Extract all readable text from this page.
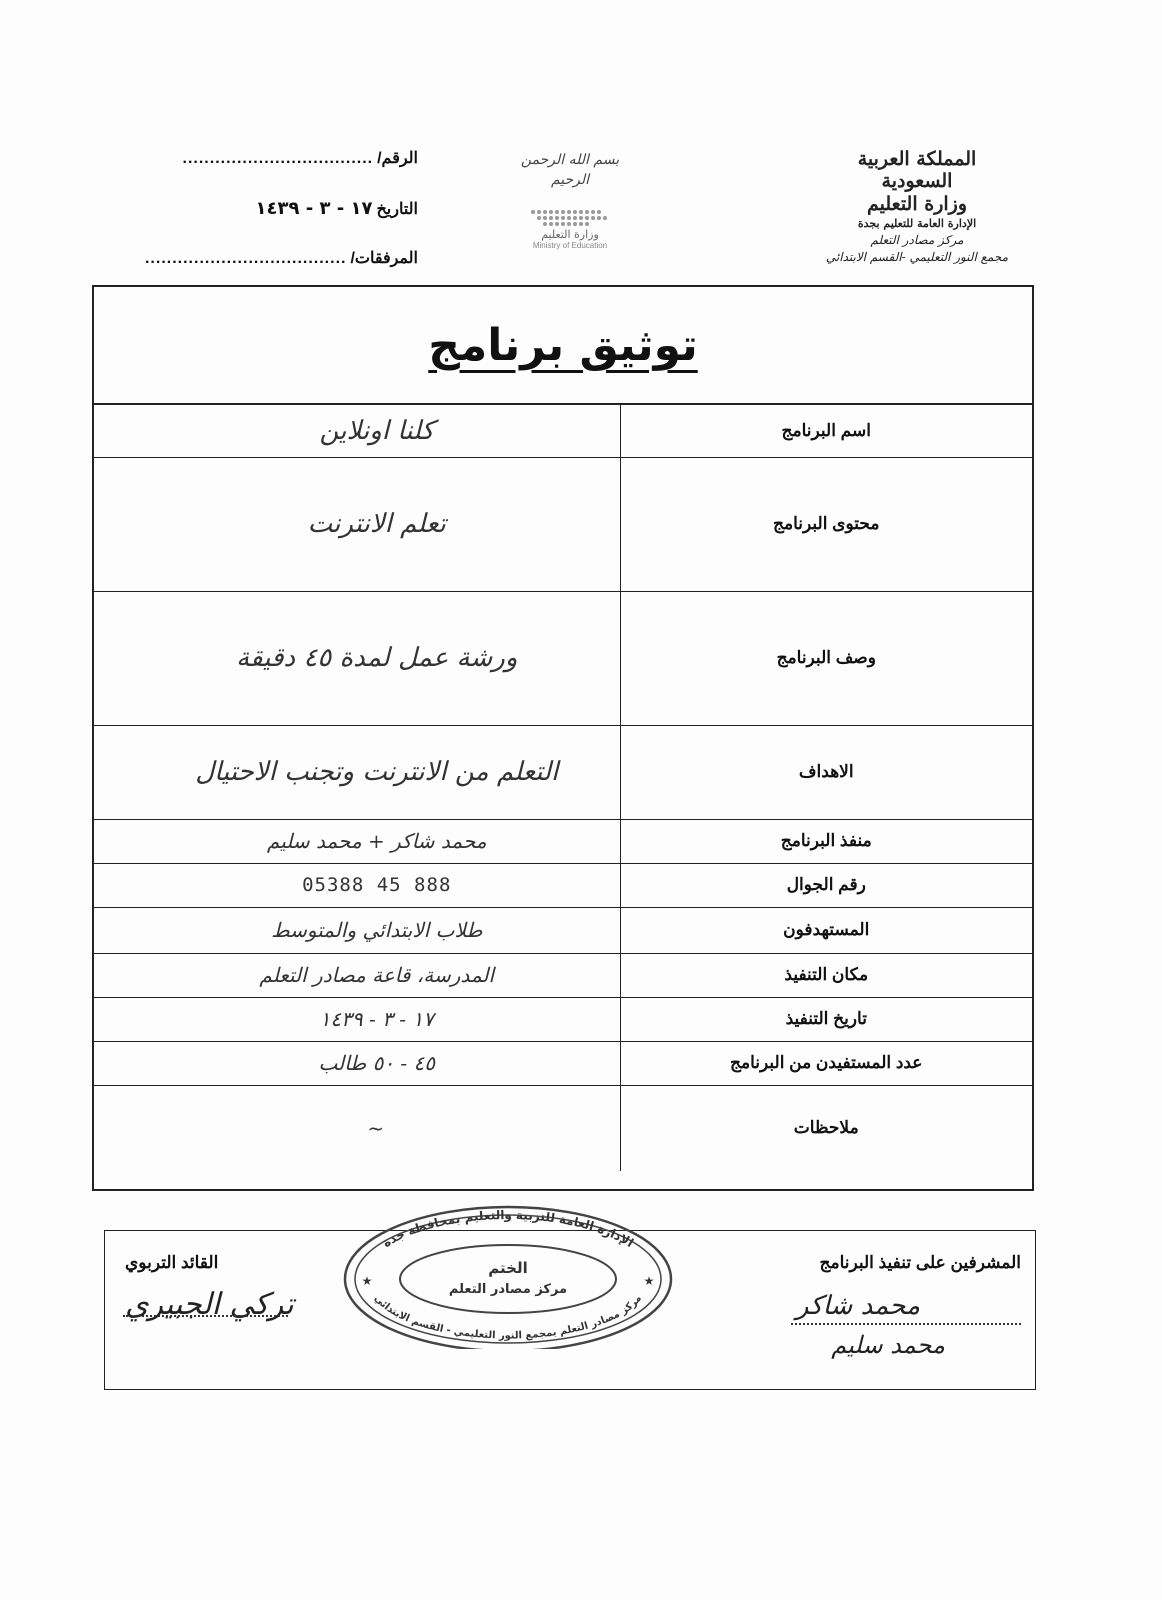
المملكة العربية السعودية
وزارة التعليم
الإدارة العامة للتعليم بجدة
مركز مصادر التعلم
مجمع النور التعليمي -القسم الابتدائي
بسم الله الرحمن الرحيم
وزارة التعليم
Ministry of Education
الرقم/
...................................
التاريخ
١٧ - ٣ - ١٤٣٩
المرفقات/
.....................................
توثيق برنامج
اسم البرنامج	كلنا اونلاين
محتوى البرنامج	تعلم الانترنت
وصف البرنامج	ورشة عمل لمدة ٤٥ دقيقة
الاهداف	التعلم من الانترنت وتجنب الاحتيال
منفذ البرنامج	محمد شاكر + محمد سليم
رقم الجوال	05388 45 888
المستهدفون	طلاب الابتدائي والمتوسط
مكان التنفيذ	المدرسة، قاعة مصادر التعلم
تاريخ التنفيذ	١٧ - ٣ - ١٤٣٩
عدد المستفيدن من البرنامج	٤٥ - ٥٠ طالب
ملاحظات	~
المشرفين على تنفيذ البرنامج
محمد شاكر
محمد سليم
القائد التربوي
تركي الجبيري
الإدارة العامة للتربية والتعليم بمحافظة جدة
مركز مصادر التعلم بمجمع النور التعليمي - القسم الابتدائي
الختم
مركز مصادر التعلم
★	★
